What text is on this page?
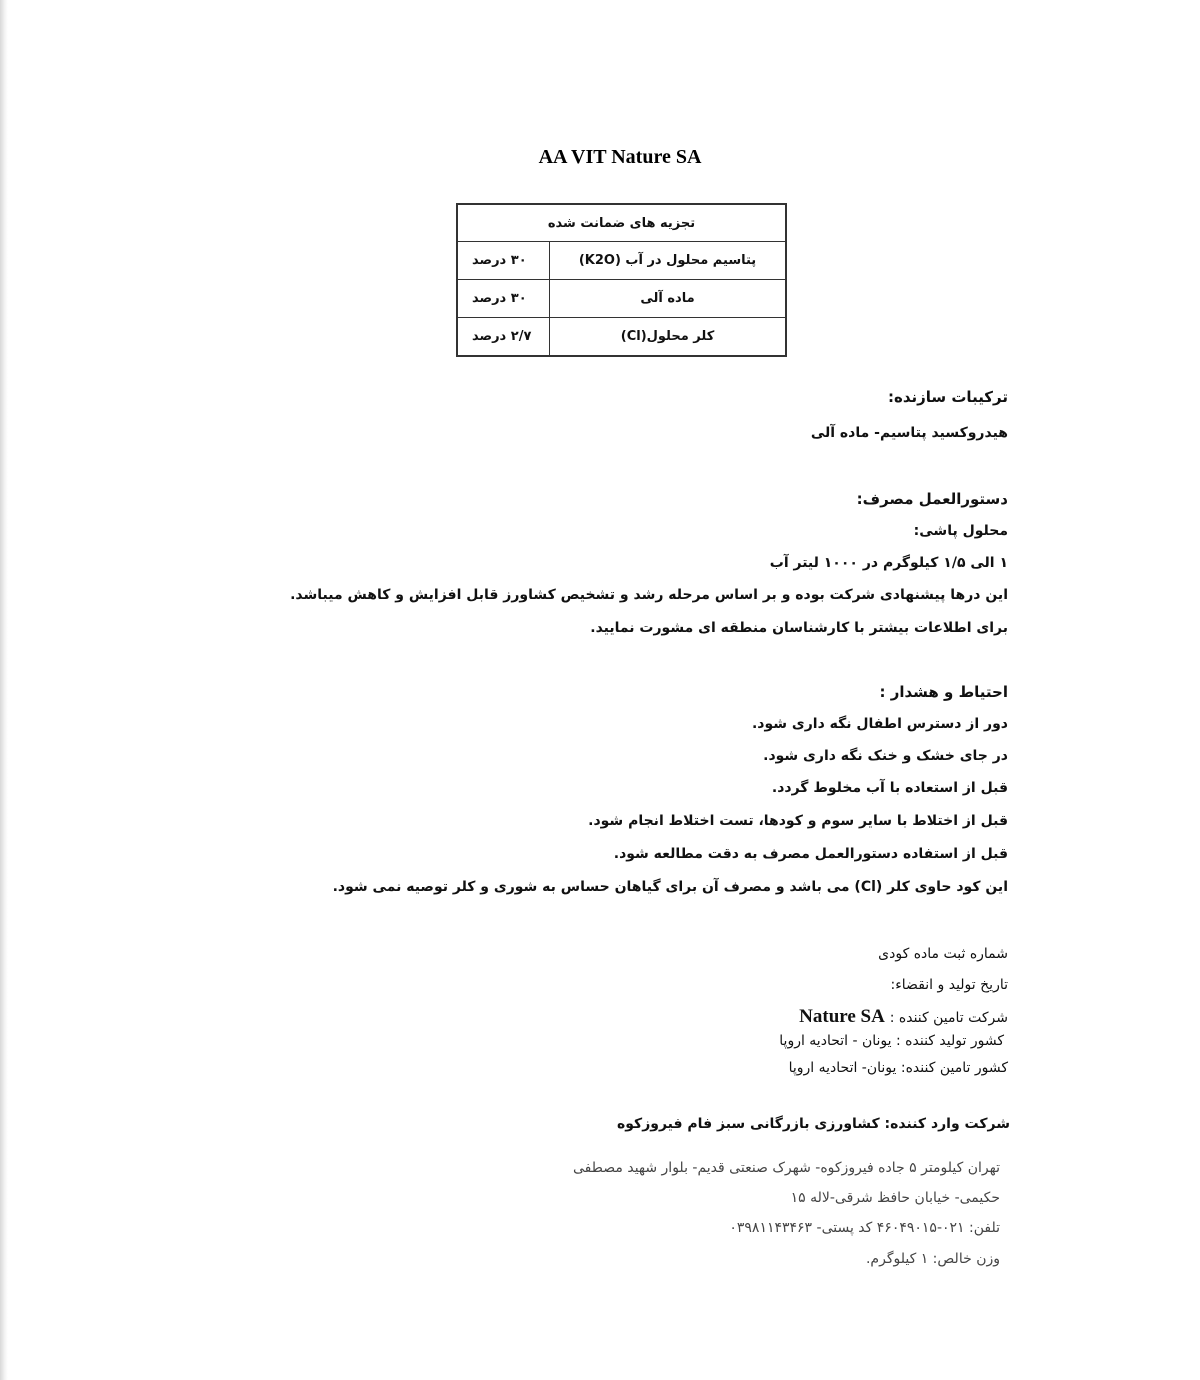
AA VIT Nature SA
تجزیه های ضمانت شده	
پتاسیم محلول در آب (K2O)	۳۰ درصد
ماده آلی	۳۰ درصد
کلر محلول(Cl)	۲/۷ درصد
ترکیبات سازنده:
هیدروکسید پتاسیم- ماده آلی
دستورالعمل مصرف:
محلول پاشی:
۱ الی ۱/۵ کیلوگرم در ۱۰۰۰ لیتر آب
این درها پیشنهادی شرکت بوده و بر اساس مرحله رشد و تشخیص کشاورز قابل افزایش و کاهش میباشد.
برای اطلاعات بیشتر با کارشناسان منطقه ای مشورت نمایید.
احتیاط و هشدار :
دور از دسترس اطفال نگه داری شود.
در جای خشک و خنک نگه داری شود.
قبل از استعاده با آب مخلوط گردد.
قبل از اختلاط با سایر سوم و کودها، تست اختلاط انجام شود.
قبل از استفاده دستورالعمل مصرف به دقت مطالعه شود.
این کود حاوی کلر (Cl) می باشد و مصرف آن برای گیاهان حساس به شوری و کلر توصیه نمی شود.
شماره ثبت ماده کودی
تاریخ تولید و انقضاء:
شرکت تامین کننده : Nature SA
کشور تولید کننده : یونان - اتحادیه اروپا
کشور تامین کننده: یونان- اتحادیه اروپا
شرکت وارد کننده: کشاورزی بازرگانی سبز فام فیروزکوه
تهران کیلومتر ۵ جاده فیروزکوه- شهرک صنعتی قدیم- بلوار شهید مصطفی
حکیمی- خیابان حافظ شرقی-لاله ۱۵
تلفن: ۰۲۱-۴۶۰۴۹۰۱۵ کد پستی- ۰۳۹۸۱۱۴۳۴۶۳
وزن خالص: ۱ کیلوگرم.
